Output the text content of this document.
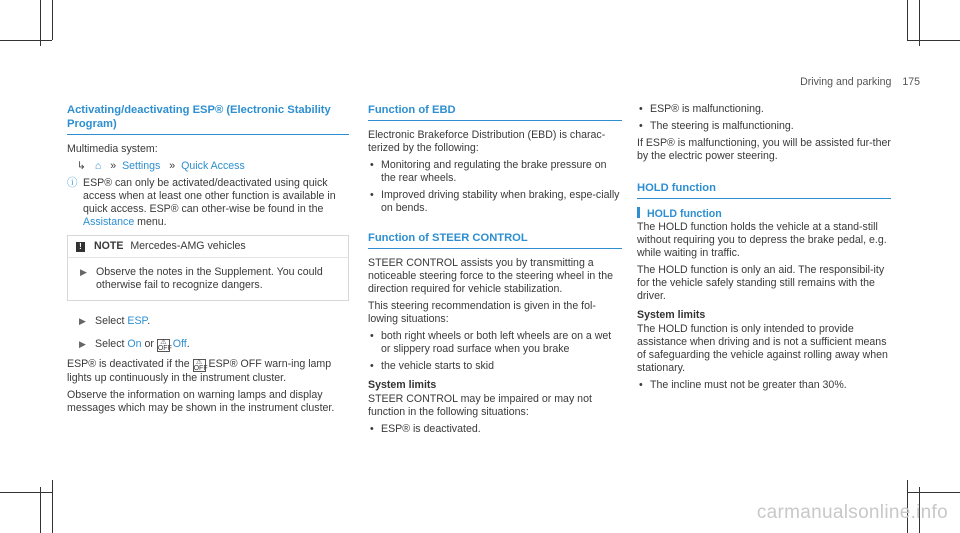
Driving and parking 175
Activating/deactivating ESP® (Electronic Stability Program)

Multimedia system:

↳ ⌂ » Settings » Quick Access

ⓘ ESP® can only be activated/deactivated using quick access when at least one other function is available in quick access. ESP® can other-wise be found in the Assistance menu.

! NOTE Mercedes-AMG vehicles
▶ Observe the notes in the Supplement. You could otherwise fail to recognize dangers.
▶ Select ESP.
▶ Select On or ⚠
OFF Off.

ESP® is deactivated if the ⚠
OFF ESP® OFF warn-ing lamp lights up continuously in the instrument cluster.

Observe the information on warning lamps and display messages which may be shown in the instrument cluster.

Function of EBD

Electronic Brakeforce Distribution (EBD) is charac-terized by the following:

• Monitoring and regulating the brake pressure on the rear wheels.
• Improved driving stability when braking, espe-cially on bends.
Function of STEER CONTROL

STEER CONTROL assists you by transmitting a noticeable steering force to the steering wheel in the direction required for vehicle stabilization.

This steering recommendation is given in the fol-lowing situations:

• both right wheels or both left wheels are on a wet or slippery road surface when you brake
• the vehicle starts to skid

System limits

STEER CONTROL may be impaired or may not function in the following situations:

• ESP® is deactivated.
• ESP® is malfunctioning.
• The steering is malfunctioning.

If ESP® is malfunctioning, you will be assisted fur-ther by the electric power steering.

HOLD function

HOLD function

The HOLD function holds the vehicle at a stand-still without requiring you to depress the brake pedal, e.g. while waiting in traffic.

The HOLD function is only an aid. The responsibil-ity for the vehicle safely standing still remains with the driver.

System limits

The HOLD function is only intended to provide assistance when driving and is not a sufficient means of safeguarding the vehicle against rolling away when stationary.

• The incline must not be greater than 30%.
carmanualsonline.info
